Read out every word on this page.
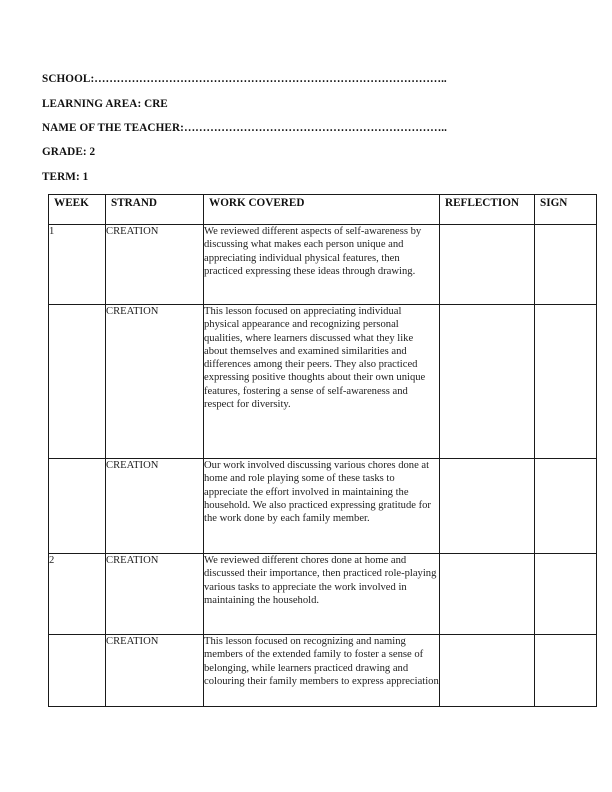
SCHOOL:…………………………………………………………………………………..
LEARNING AREA: CRE
NAME OF THE TEACHER:……………………………………………………………..
GRADE: 2
TERM: 1
WEEK	STRAND	WORK COVERED	REFLECTION	SIGN
1	CREATION	We reviewed different aspects of self-awareness by discussing what makes each person unique and appreciating individual physical features, then practiced expressing these ideas through drawing.		
	CREATION	This lesson focused on appreciating individual physical appearance and recognizing personal qualities, where learners discussed what they like about themselves and examined similarities and differences among their peers. They also practiced expressing positive thoughts about their own unique features, fostering a sense of self-awareness and respect for diversity.		
	CREATION	Our work involved discussing various chores done at home and role playing some of these tasks to appreciate the effort involved in maintaining the household. We also practiced expressing gratitude for the work done by each family member.		
2	CREATION	We reviewed different chores done at home and discussed their importance, then practiced role-playing various tasks to appreciate the work involved in maintaining the household.		
	CREATION	This lesson focused on recognizing and naming members of the extended family to foster a sense of belonging, while learners practiced drawing and colouring their family members to express appreciation		
